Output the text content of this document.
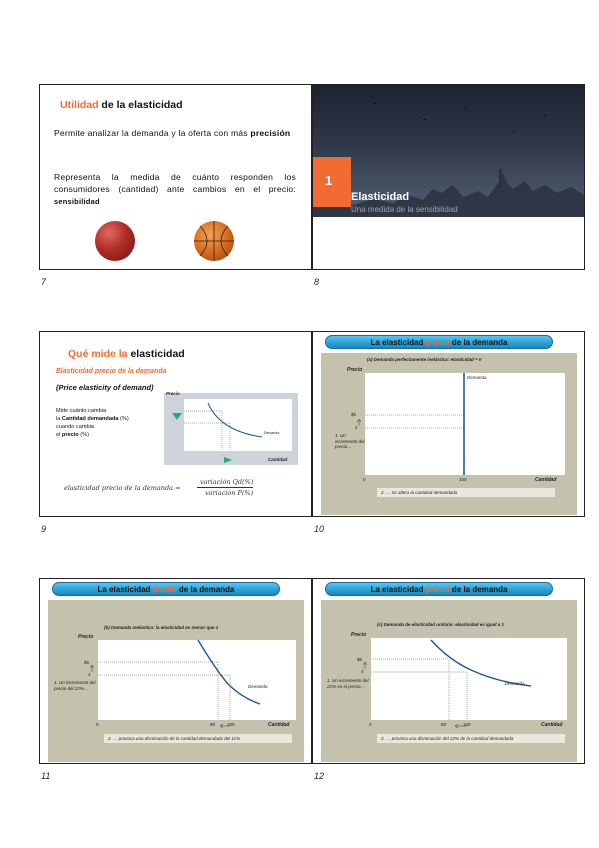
Utilidad de la elasticidad
Permite analizar la demanda y la oferta con más precisión
Representa la medida de cuánto responden los consumidores (cantidad) ante cambios en el precio: sensibilidad
7
1
Elasticidad
Una medida de la sensibilidad
8
Qué mide la elasticidad
Elasticidad precio de la demanda
(Price elasticity of demand)
Mide cuánto cambia
la Cantidad demandada (%)
cuando cambia
el precio (%)
Precio
Cantidad
Demanda
elasticidad precio de la demanda =
variación Qd(%)
variación P(%)
9
La elasticidad precio de la demanda
(a) Demanda perfectamente inelástica: elasticidad = 0
Precio
$5
4
0	100
Demanda
Cantidad
1. Un incremento del precio…
2. … no altera la cantidad demandada
10
La elasticidad precio de la demanda
(b) Demanda inelástica: la elasticidad es menor que 1
Precio
$5
4
0	90	100
Demanda
Cantidad
1. Un incremento del precio del 22%...
2. … provoca una disminución de la cantidad demandada del 11%
11
La elasticidad precio de la demanda
(c) Demanda de elasticidad unitaria: elasticidad es igual a 1
Precio
$5
4
0	80	100
Demanda
Cantidad
1. Un incremento del 22% en el precio...
2. … provoca una disminución del 22% de la cantidad demandada
12
